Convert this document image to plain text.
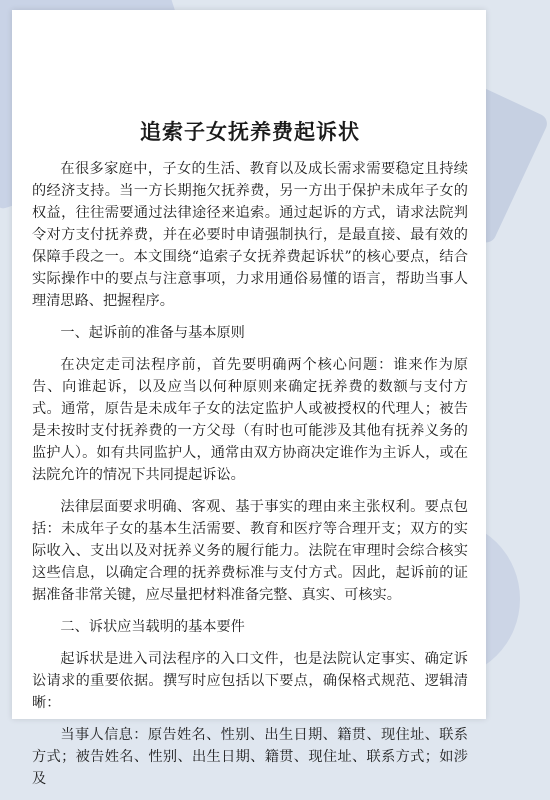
追索子女抚养费起诉状

在很多家庭中，子女的生活、教育以及成长需求需要稳定且持续的经济支持。当一方长期拖欠抚养费，另一方出于保护未成年子女的权益，往往需要通过法律途径来追索。通过起诉的方式，请求法院判令对方支付抚养费，并在必要时申请强制执行，是最直接、最有效的保障手段之一。本文围绕“追索子女抚养费起诉状”的核心要点，结合实际操作中的要点与注意事项，力求用通俗易懂的语言，帮助当事人理清思路、把握程序。

一、起诉前的准备与基本原则

在决定走司法程序前，首先要明确两个核心问题：谁来作为原告、向谁起诉，以及应当以何种原则来确定抚养费的数额与支付方式。通常，原告是未成年子女的法定监护人或被授权的代理人；被告是未按时支付抚养费的一方父母（有时也可能涉及其他有抚养义务的监护人）。如有共同监护人，通常由双方协商决定谁作为主诉人，或在法院允许的情况下共同提起诉讼。

法律层面要求明确、客观、基于事实的理由来主张权利。要点包括：未成年子女的基本生活需要、教育和医疗等合理开支；双方的实际收入、支出以及对抚养义务的履行能力。法院在审理时会综合核实这些信息，以确定合理的抚养费标准与支付方式。因此，起诉前的证据准备非常关键，应尽量把材料准备完整、真实、可核实。

二、诉状应当载明的基本要件

起诉状是进入司法程序的入口文件，也是法院认定事实、确定诉讼请求的重要依据。撰写时应包括以下要点，确保格式规范、逻辑清晰：

当事人信息：原告姓名、性别、出生日期、籍贯、现住址、联系方式；被告姓名、性别、出生日期、籍贯、现住址、联系方式；如涉及
